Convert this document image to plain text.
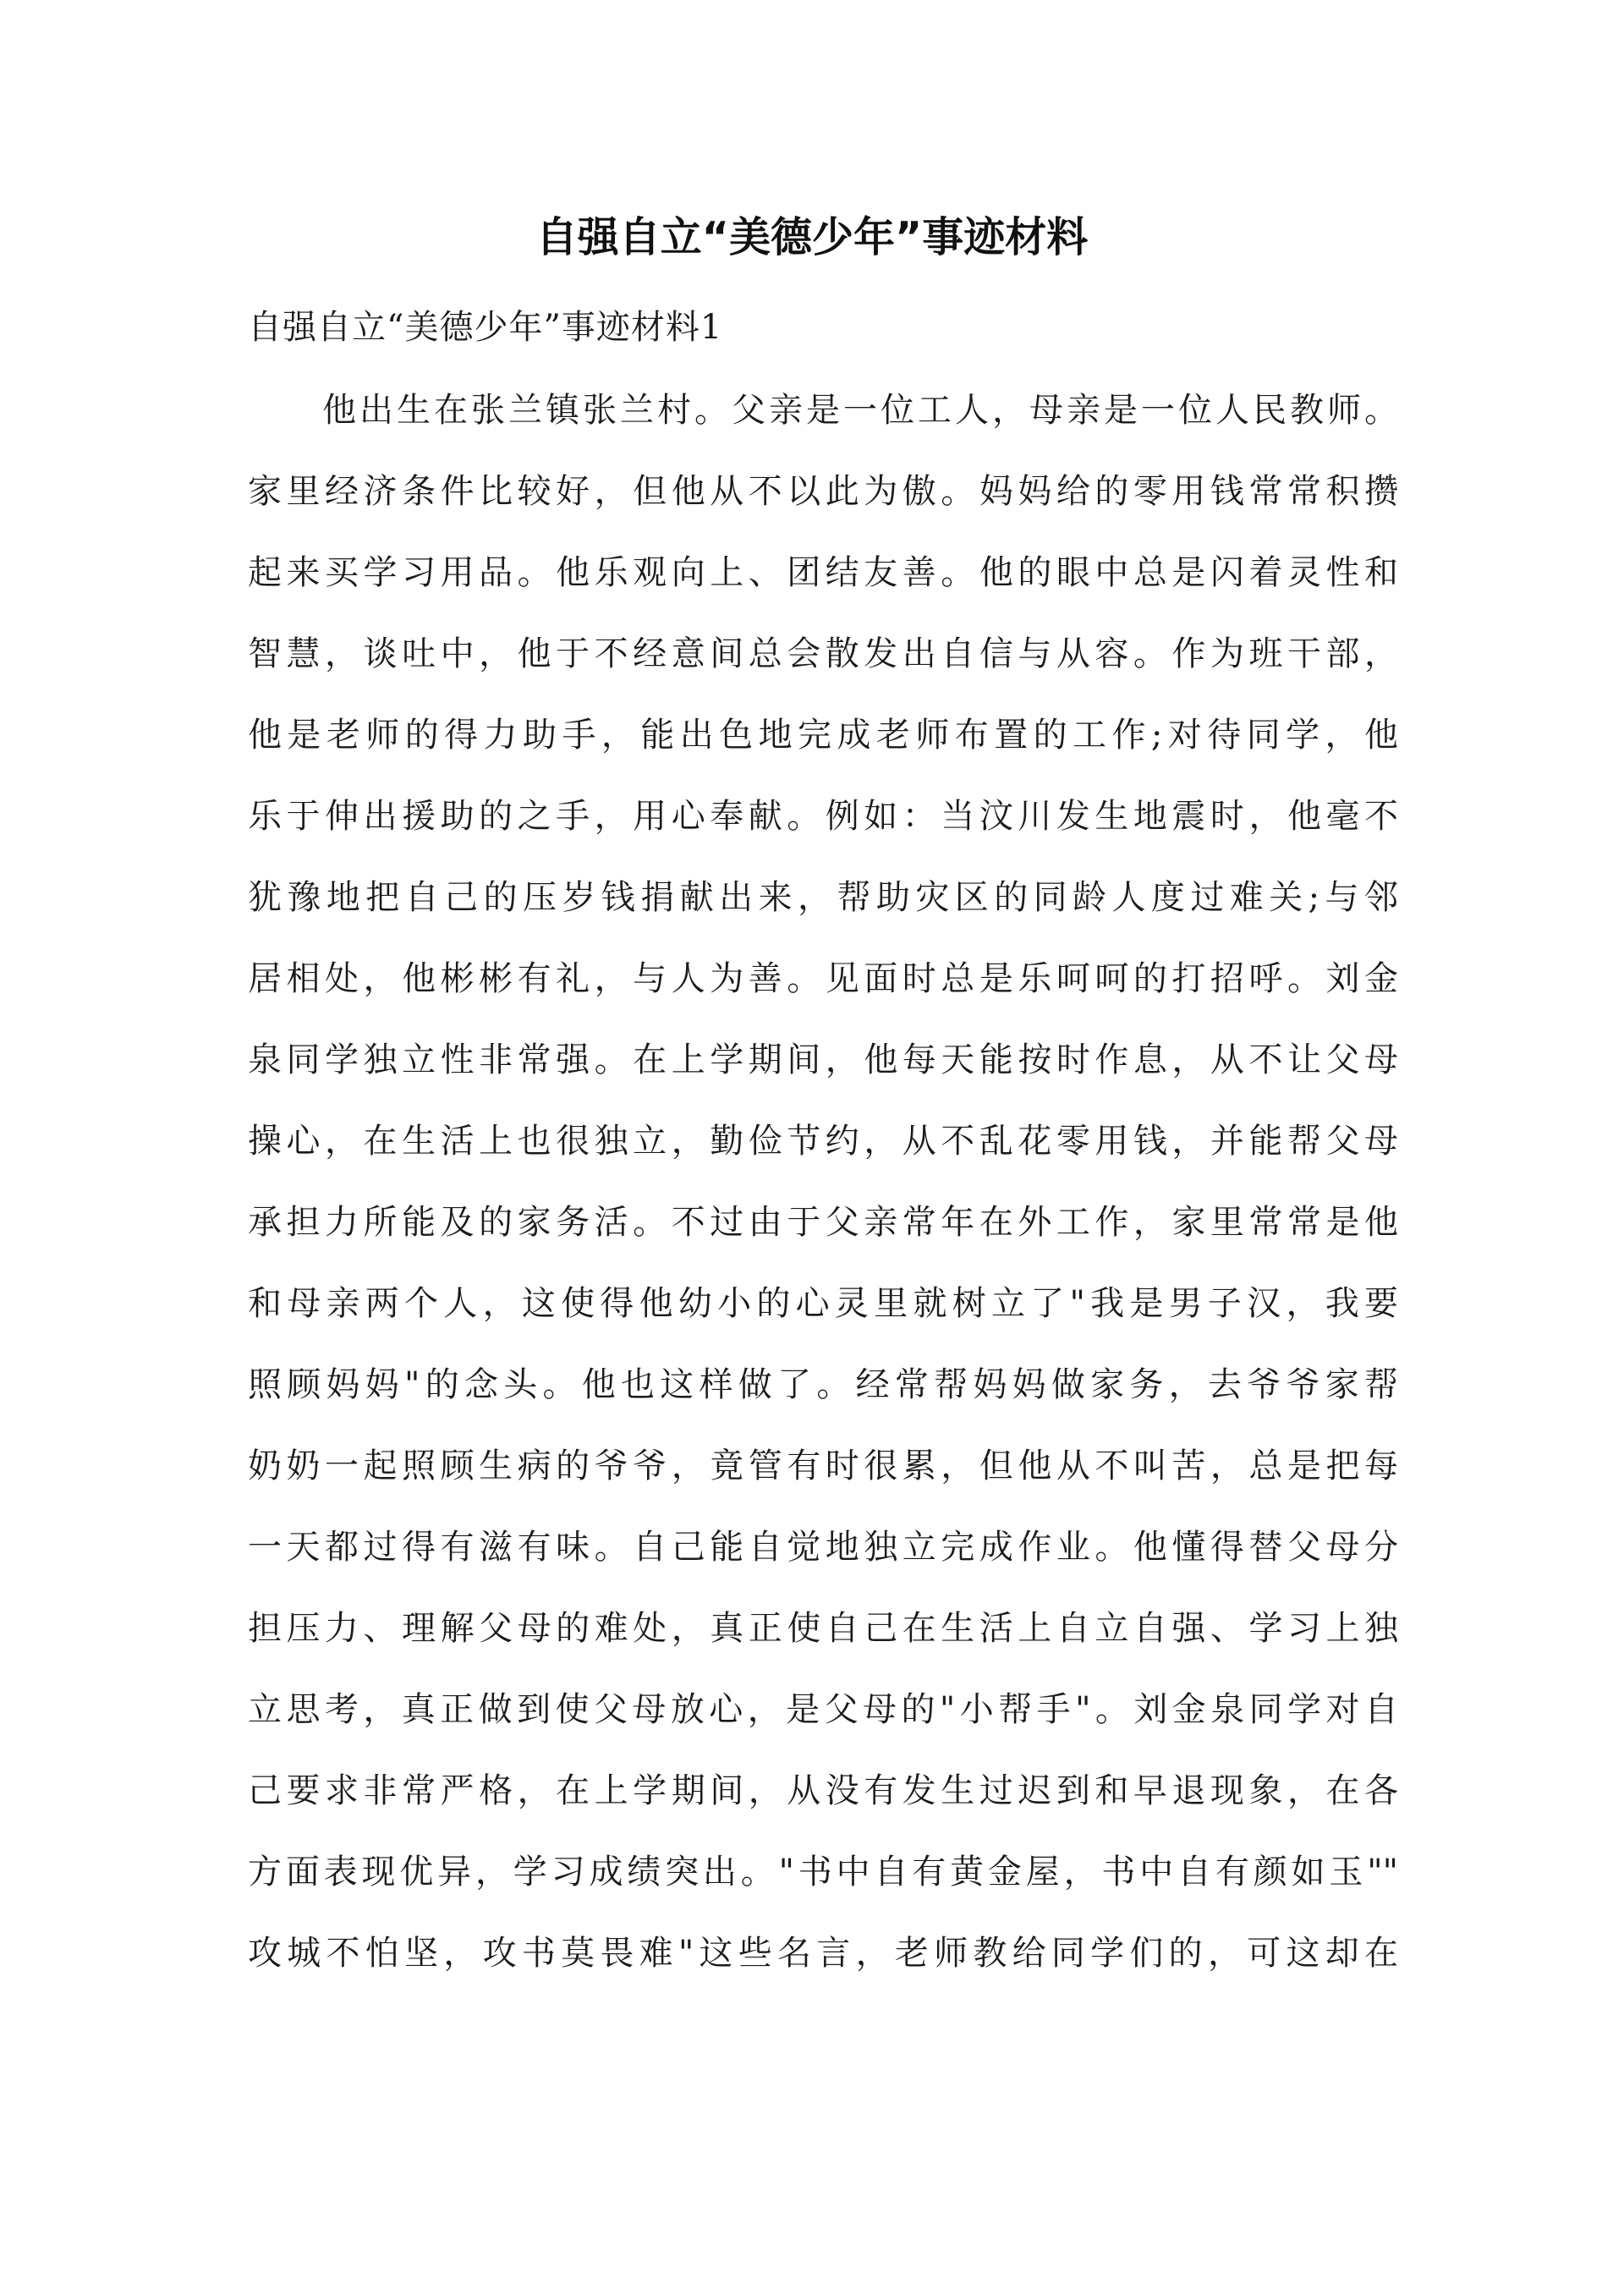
自强自立“美德少年”事迹材料

自强自立“美德少年”事迹材料1

他出生在张兰镇张兰村。父亲是一位工人，母亲是一位人民教师。
家里经济条件比较好，但他从不以此为傲。妈妈给的零用钱常常积攒
起来买学习用品。他乐观向上、团结友善。他的眼中总是闪着灵性和
智慧，谈吐中，他于不经意间总会散发出自信与从容。作为班干部，
他是老师的得力助手，能出色地完成老师布置的工作;对待同学，他
乐于伸出援助的之手，用心奉献。例如：当汶川发生地震时，他毫不
犹豫地把自己的压岁钱捐献出来，帮助灾区的同龄人度过难关;与邻
居相处，他彬彬有礼，与人为善。见面时总是乐呵呵的打招呼。刘金
泉同学独立性非常强。在上学期间，他每天能按时作息，从不让父母
操心，在生活上也很独立，勤俭节约，从不乱花零用钱，并能帮父母
承担力所能及的家务活。不过由于父亲常年在外工作，家里常常是他
和母亲两个人，这使得他幼小的心灵里就树立了"我是男子汉，我要
照顾妈妈"的念头。他也这样做了。经常帮妈妈做家务，去爷爷家帮
奶奶一起照顾生病的爷爷，竟管有时很累，但他从不叫苦，总是把每
一天都过得有滋有味。自己能自觉地独立完成作业。他懂得替父母分
担压力、理解父母的难处，真正使自己在生活上自立自强、学习上独
立思考，真正做到使父母放心，是父母的"小帮手"。刘金泉同学对自
己要求非常严格，在上学期间，从没有发生过迟到和早退现象，在各
方面表现优异，学习成绩突出。"书中自有黄金屋，书中自有颜如玉""
攻城不怕坚，攻书莫畏难"这些名言，老师教给同学们的，可这却在
